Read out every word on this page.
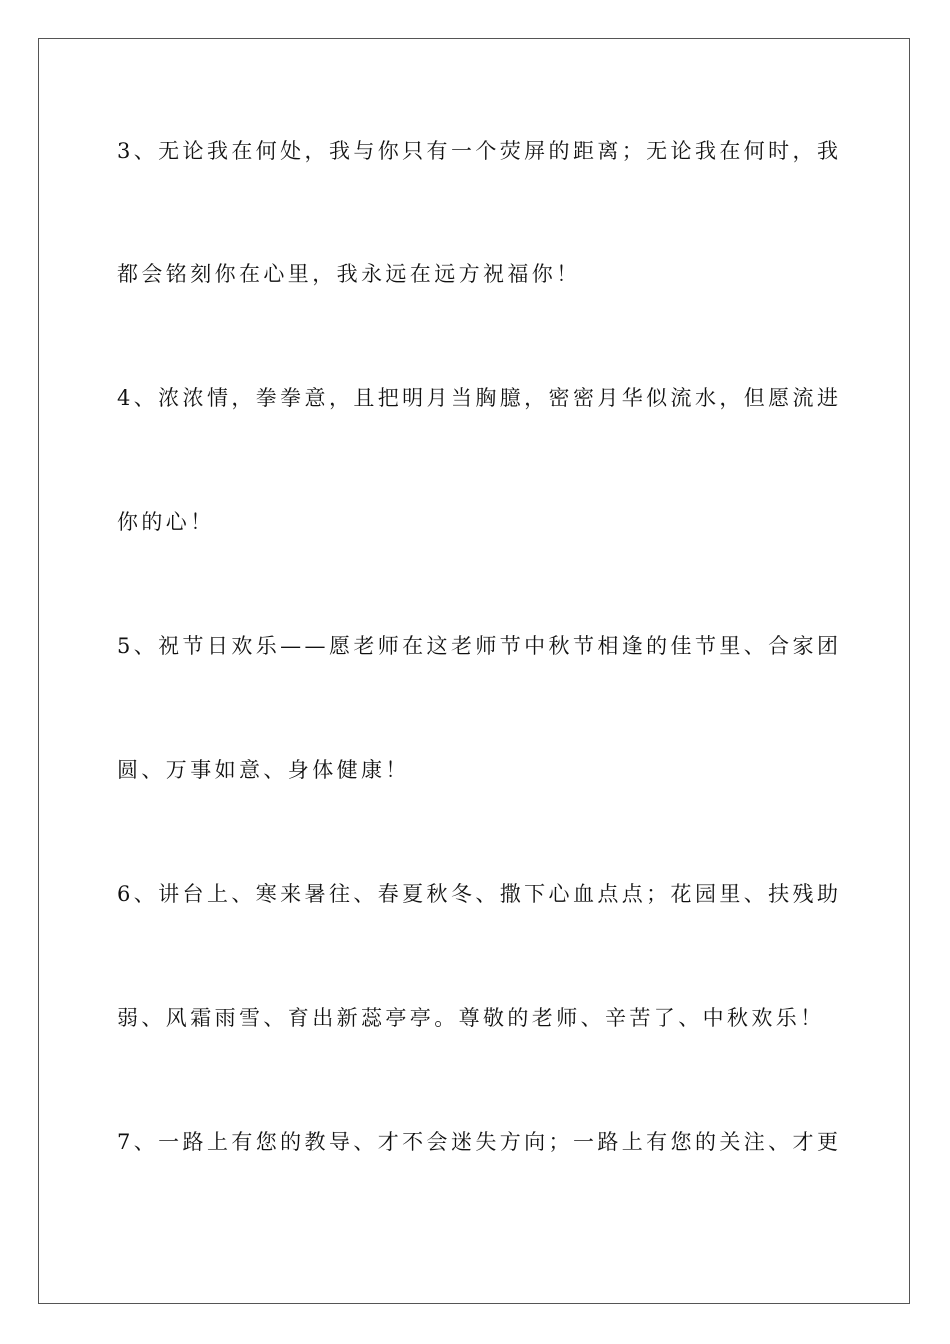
3、无论我在何处，我与你只有一个荧屏的距离；无论我在何时，我
都会铭刻你在心里，我永远在远方祝福你！
4、浓浓情，拳拳意，且把明月当胸臆，密密月华似流水，但愿流进
你的心！
5、祝节日欢乐——愿老师在这老师节中秋节相逢的佳节里、合家团
圆、万事如意、身体健康！
6、讲台上、寒来暑往、春夏秋冬、撒下心血点点；花园里、扶残助
弱、风霜雨雪、育出新蕊亭亭。尊敬的老师、辛苦了、中秋欢乐！
7、一路上有您的教导、才不会迷失方向；一路上有您的关注、才更
